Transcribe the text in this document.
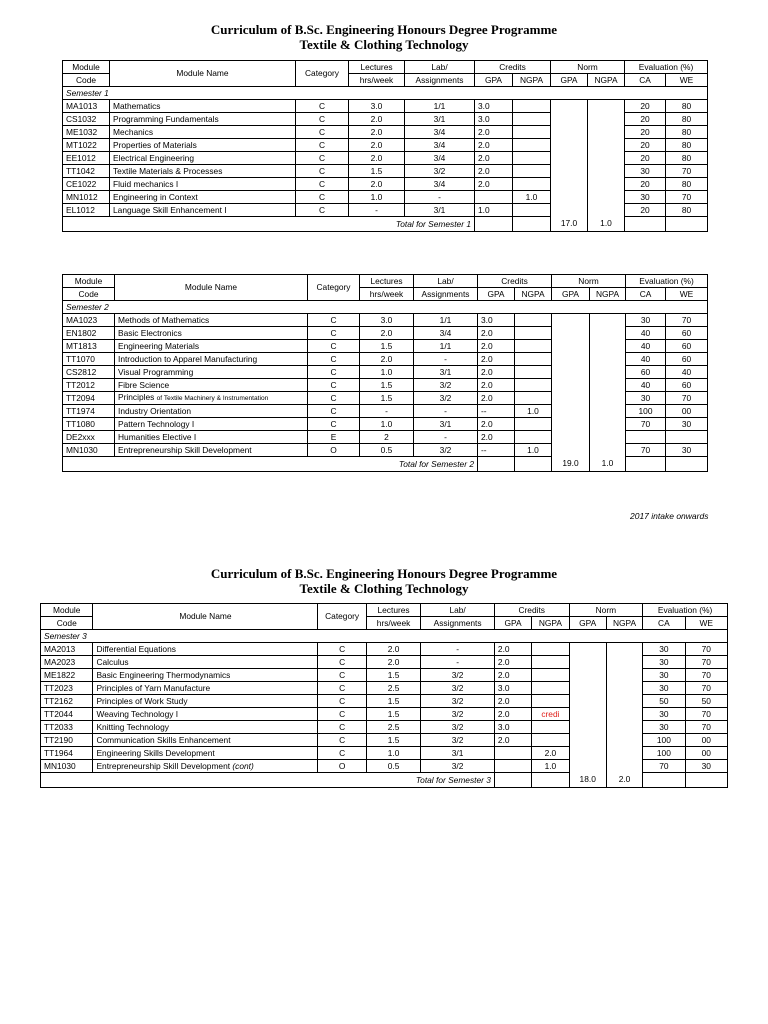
Curriculum of B.Sc. Engineering Honours Degree Programme
Textile & Clothing Technology
Module	Module Name	Category	Lectures	Lab/	Credits		Norm		Evaluation (%)	
Code			hrs/week	Assignments	GPA	NGPA	GPA	NGPA	CA	WE
Semester 1										
MA1013	Mathematics	C	3.0	1/1	3.0				20	80
CS1032	Programming Fundamentals	C	2.0	3/1	3.0				20	80
ME1032	Mechanics	C	2.0	3/4	2.0				20	80
MT1022	Properties of Materials	C	2.0	3/4	2.0				20	80
EE1012	Electrical Engineering	C	2.0	3/4	2.0				20	80
TT1042	Textile Materials & Processes	C	1.5	3/2	2.0				30	70
CE1022	Fluid mechanics I	C	2.0	3/4	2.0				20	80
MN1012	Engineering in Context	C	1.0	-		1.0			30	70
EL1012	Language Skill Enhancement I	C	-	3/1	1.0				20	80
Total for Semester 1							17.0	1.0		
Module	Module Name	Category	Lectures	Lab/	Credits		Norm		Evaluation (%)	
Code			hrs/week	Assignments	GPA	NGPA	GPA	NGPA	CA	WE
Semester 2										
MA1023	Methods of Mathematics	C	3.0	1/1	3.0				30	70
EN1802	Basic Electronics	C	2.0	3/4	2.0				40	60
MT1813	Engineering Materials	C	1.5	1/1	2.0				40	60
TT1070	Introduction to Apparel Manufacturing	C	2.0	-	2.0				40	60
CS2812	Visual Programming	C	1.0	3/1	2.0				60	40
TT2012	Fibre Science	C	1.5	3/2	2.0				40	60
TT2094	Principles of Textile Machinery & Instrumentation	C	1.5	3/2	2.0				30	70
TT1974	Industry Orientation	C	-	-	--	1.0			100	00
TT1080	Pattern Technology I	C	1.0	3/1	2.0				70	30
DE2xxx	Humanities Elective I	E	2	-	2.0					
MN1030	Entrepreneurship Skill Development	O	0.5	3/2	--	1.0			70	30
Total for Semester 2							19.0	1.0		
2017 intake onwards
Curriculum of B.Sc. Engineering Honours Degree Programme
Textile & Clothing Technology
Module	Module Name	Category	Lectures	Lab/	Credits		Norm		Evaluation (%)	
Code			hrs/week	Assignments	GPA	NGPA	GPA	NGPA	CA	WE
Semester 3										
MA2013	Differential Equations	C	2.0	-	2.0				30	70
MA2023	Calculus	C	2.0	-	2.0				30	70
ME1822	Basic Engineering Thermodynamics	C	1.5	3/2	2.0				30	70
TT2023	Principles of Yarn Manufacture	C	2.5	3/2	3.0				30	70
TT2162	Principles of Work Study	C	1.5	3/2	2.0				50	50
TT2044	Weaving Technology I	C	1.5	3/2	2.0	credi			30	70
TT2033	Knitting Technology	C	2.5	3/2	3.0				30	70
TT2190	Communication Skills Enhancement	C	1.5	3/2	2.0				100	00
TT1964	Engineering Skills Development	C	1.0	3/1		2.0			100	00
MN1030	Entrepreneurship Skill Development (cont)	O	0.5	3/2		1.0			70	30
Total for Semester 3							18.0	2.0		
